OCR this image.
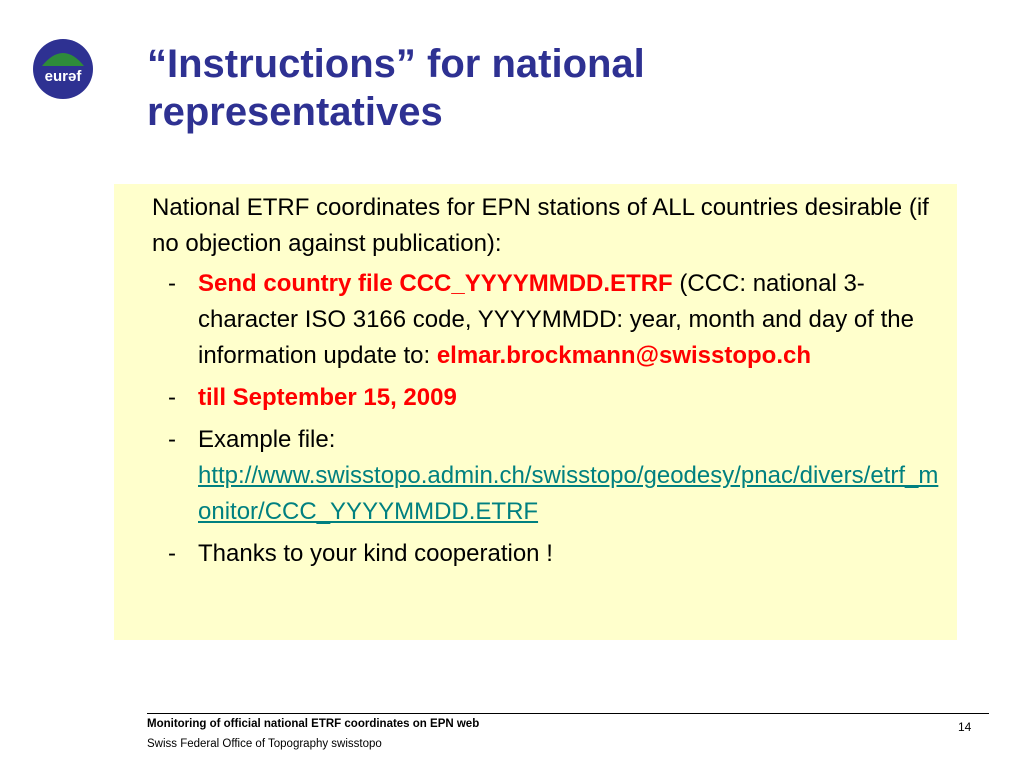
eurəf “Instructions” for national representatives
National ETRF coordinates for EPN stations of ALL countries desirable (if no objection against publication):
- Send country file CCC_YYYYMMDD.ETRF (CCC: national 3-character ISO 3166 code, YYYYMMDD: year, month and day of the information update to: elmar.brockmann@swisstopo.ch
- till September 15, 2009
- Example file:
http://www.swisstopo.admin.ch/swisstopo/geodesy/pnac/divers/etrf_monitor/CCC_YYYYMMDD.ETRF
- Thanks to your kind cooperation !
Monitoring of official national ETRF coordinates on EPN web
Swiss Federal Office of Topography swisstopo
14
